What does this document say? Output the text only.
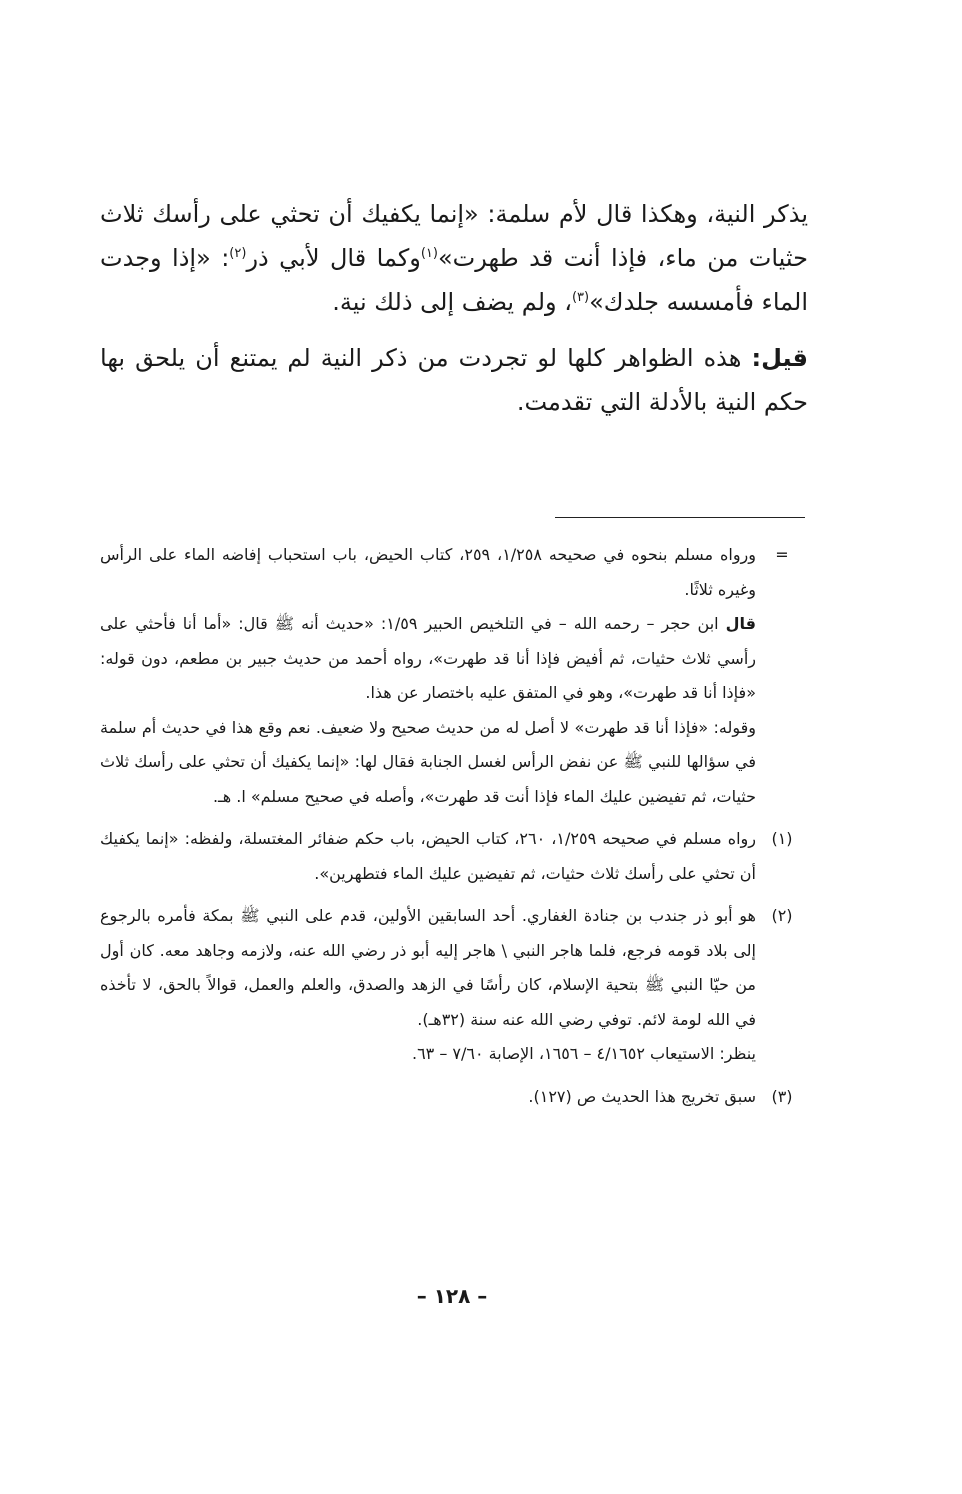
يذكر النية، وهكذا قال لأم سلمة: «إنما يكفيك أن تحثي على رأسك ثلاث حثيات من ماء، فإذا أنت قد طهرت»$^{(١)}$وكما قال لأبي ذر$^{(٢)}$: «إذا وجدت الماء فأمسسه جلدك»$^{(٣)}$، ولم يضف إلى ذلك نية.

قيل: هذه الظواهر كلها لو تجردت من ذكر النية لم يمتنع أن يلحق بها حكم النية بالأدلة التي تقدمت.

=

ورواه مسلم بنحوه في صحيحه ١/٢٥٨، ٢٥٩، كتاب الحيض، باب استحباب إفاضه الماء على الرأس وغيره ثلاثًا.

قال ابن حجر – رحمه الله – في التلخيص الحبير ١/٥٩: «حديث أنه ﷺ قال: «أما أنا فأحثي على رأسي ثلاث حثيات، ثم أفيض فإذا أنا قد طهرت»، رواه أحمد من حديث جبير بن مطعم، دون قوله: «فإذا أنا قد طهرت»، وهو في المتفق عليه باختصار عن هذا.

وقوله: «فإذا أنا قد طهرت» لا أصل له من حديث صحيح ولا ضعيف. نعم وقع هذا في حديث أم سلمة في سؤالها للنبي ﷺ عن نفض الرأس لغسل الجنابة فقال لها: «إنما يكفيك أن تحثي على رأسك ثلاث حثيات، ثم تفيضين عليك الماء فإذا أنت قد طهرت»، وأصله في صحيح مسلم» ا. هـ.

(١)

رواه مسلم في صحيحه ١/٢٥٩، ٢٦٠، كتاب الحيض، باب حكم ضفائر المغتسلة، ولفظه: «إنما يكفيك أن تحثي على رأسك ثلاث حثيات، ثم تفيضين عليك الماء فتطهرين».

(٢)

هو أبو ذر جندب بن جنادة الغفاري. أحد السابقين الأولين، قدم على النبي ﷺ بمكة فأمره بالرجوع إلى بلاد قومه فرجع، فلما هاجر النبي \ هاجر إليه أبو ذر رضي الله عنه، ولازمه وجاهد معه. كان أول من حيّا النبي ﷺ بتحية الإسلام، كان رأسًا في الزهد والصدق، والعلم والعمل، قوالاً بالحق، لا تأخذه في الله لومة لائم. توفي رضي الله عنه سنة (٣٢هـ).

ينظر: الاستيعاب ٤/١٦٥٢ – ١٦٥٦، الإصابة ٧/٦٠ – ٦٣.

(٣)

سبق تخريج هذا الحديث ص (١٢٧).

– ١٢٨ –
